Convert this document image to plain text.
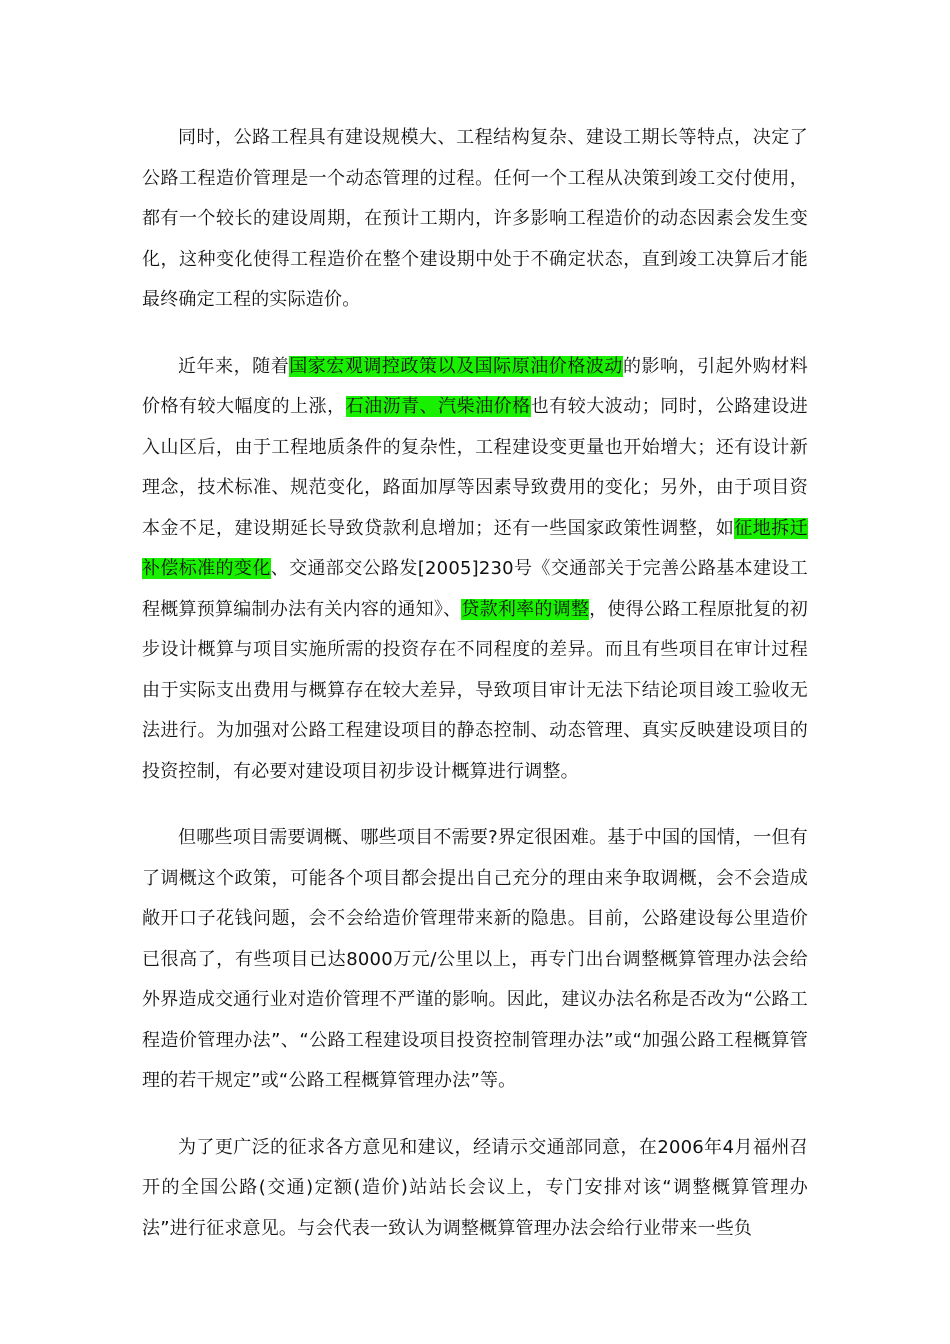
同时，公路工程具有建设规模大、工程结构复杂、建设工期长等特点，决定了公路工程造价管理是一个动态管理的过程。任何一个工程从决策到竣工交付使用，都有一个较长的建设周期，在预计工期内，许多影响工程造价的动态因素会发生变化，这种变化使得工程造价在整个建设期中处于不确定状态，直到竣工决算后才能最终确定工程的实际造价。

近年来，随着国家宏观调控政策以及国际原油价格波动的影响，引起外购材料价格有较大幅度的上涨，石油沥青、汽柴油价格也有较大波动；同时，公路建设进入山区后，由于工程地质条件的复杂性，工程建设变更量也开始增大；还有设计新理念，技术标准、规范变化，路面加厚等因素导致费用的变化；另外，由于项目资本金不足，建设期延长导致贷款利息增加；还有一些国家政策性调整，如征地拆迁补偿标准的变化、交通部交公路发[2005]230号《交通部关于完善公路基本建设工程概算预算编制办法有关内容的通知》、贷款利率的调整，使得公路工程原批复的初步设计概算与项目实施所需的投资存在不同程度的差异。而且有些项目在审计过程由于实际支出费用与概算存在较大差异，导致项目审计无法下结论项目竣工验收无法进行。为加强对公路工程建设项目的静态控制、动态管理、真实反映建设项目的投资控制，有必要对建设项目初步设计概算进行调整。

但哪些项目需要调概、哪些项目不需要?界定很困难。基于中国的国情，一但有了调概这个政策，可能各个项目都会提出自己充分的理由来争取调概，会不会造成敞开口子花钱问题，会不会给造价管理带来新的隐患。目前，公路建设每公里造价已很高了，有些项目已达8000万元/公里以上，再专门出台调整概算管理办法会给外界造成交通行业对造价管理不严谨的影响。因此，建议办法名称是否改为“公路工程造价管理办法”、“公路工程建设项目投资控制管理办法”或“加强公路工程概算管理的若干规定”或“公路工程概算管理办法”等。

为了更广泛的征求各方意见和建议，经请示交通部同意，在2006年4月福州召开的全国公路(交通)定额(造价)站站长会议上，专门安排对该“调整概算管理办法”进行征求意见。与会代表一致认为调整概算管理办法会给行业带来一些负
